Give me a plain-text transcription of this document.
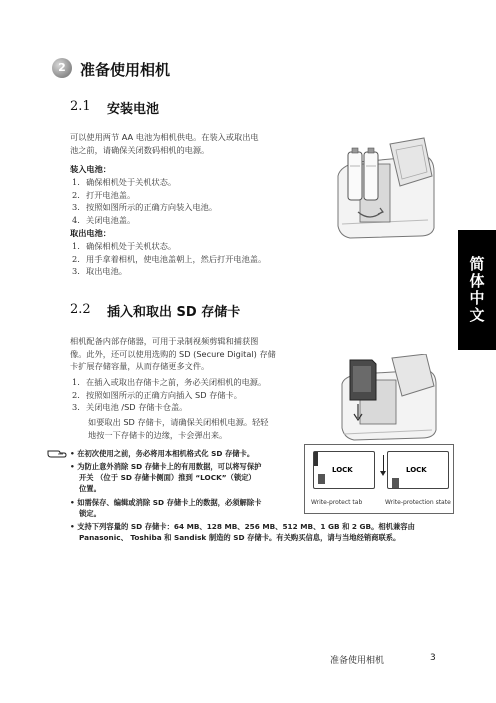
2 准备使用相机
2.1 安装电池
可以使用两节 AA 电池为相机供电。在装入或取出电
池之前，请确保关闭数码相机的电源。
装入电池：
1. 确保相机处于关机状态。
2. 打开电池盖。
3. 按照如图所示的正确方向装入电池。
4. 关闭电池盖。
取出电池：
1. 确保相机处于关机状态。
2. 用手拿着相机，使电池盖朝上，然后打开电池盖。
3. 取出电池。
2.2 插入和取出 SD 存储卡
相机配备内部存储器，可用于录制视频剪辑和捕获图
像。此外，还可以使用选购的 SD (Secure Digital) 存储
卡扩展存储容量，从而存储更多文件。
1. 在插入或取出存储卡之前，务必关闭相机的电源。
2. 按照如图所示的正确方向插入 SD 存储卡。
3. 关闭电池 /SD 存储卡仓盖。
如要取出 SD 存储卡，请确保关闭相机电源。轻轻
地按一下存储卡的边缘，卡会弹出来。
• 在初次使用之前，务必将用本相机格式化 SD 存储卡。
• 为防止意外消除 SD 存储卡上的有用数据，可以将写保护
开关 （位于 SD 存储卡侧面）推到 “LOCK”（锁定）
位置。
• 如需保存、编辑或消除 SD 存储卡上的数据，必须解除卡
锁定。
• 支持下列容量的 SD 存储卡：64 MB、128 MB、256 MB、512 MB、1 GB 和 2 GB。相机兼容由
Panasonic、 Toshiba 和 Sandisk 制造的 SD 存储卡。有关购买信息，请与当地经销商联系。
LOCK	LOCK
Write-protect tab	Write-protection state
简体中文
准备使用相机	3
